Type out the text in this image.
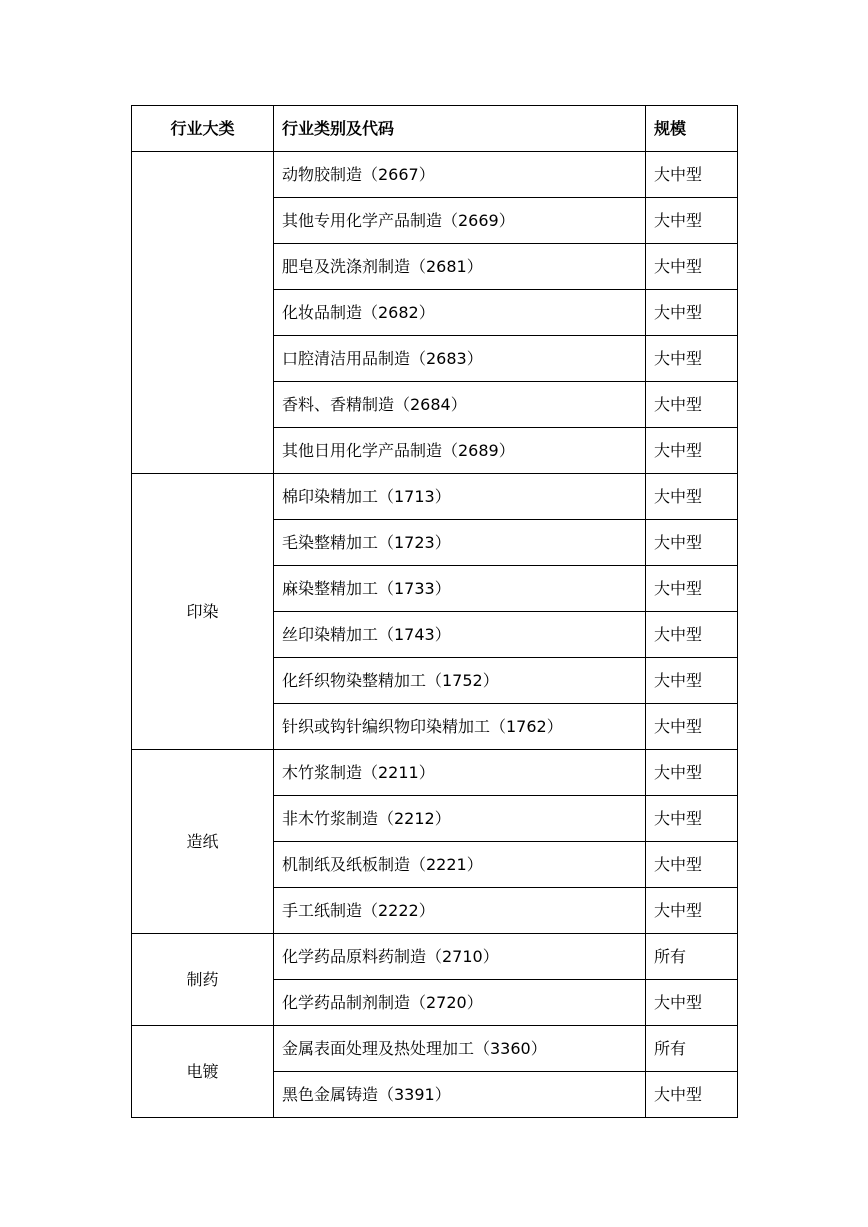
行业大类	行业类别及代码	规模
	动物胶制造（2667）	大中型
	其他专用化学产品制造（2669）	大中型
	肥皂及洗涤剂制造（2681）	大中型
	化妆品制造（2682）	大中型
	口腔清洁用品制造（2683）	大中型
	香料、香精制造（2684）	大中型
	其他日用化学产品制造（2689）	大中型
印染	棉印染精加工（1713）	大中型
	毛染整精加工（1723）	大中型
	麻染整精加工（1733）	大中型
	丝印染精加工（1743）	大中型
	化纤织物染整精加工（1752）	大中型
	针织或钩针编织物印染精加工（1762）	大中型
造纸	木竹浆制造（2211）	大中型
	非木竹浆制造（2212）	大中型
	机制纸及纸板制造（2221）	大中型
	手工纸制造（2222）	大中型
制药	化学药品原料药制造（2710）	所有
	化学药品制剂制造（2720）	大中型
电镀	金属表面处理及热处理加工（3360）	所有
	黑色金属铸造（3391）	大中型
